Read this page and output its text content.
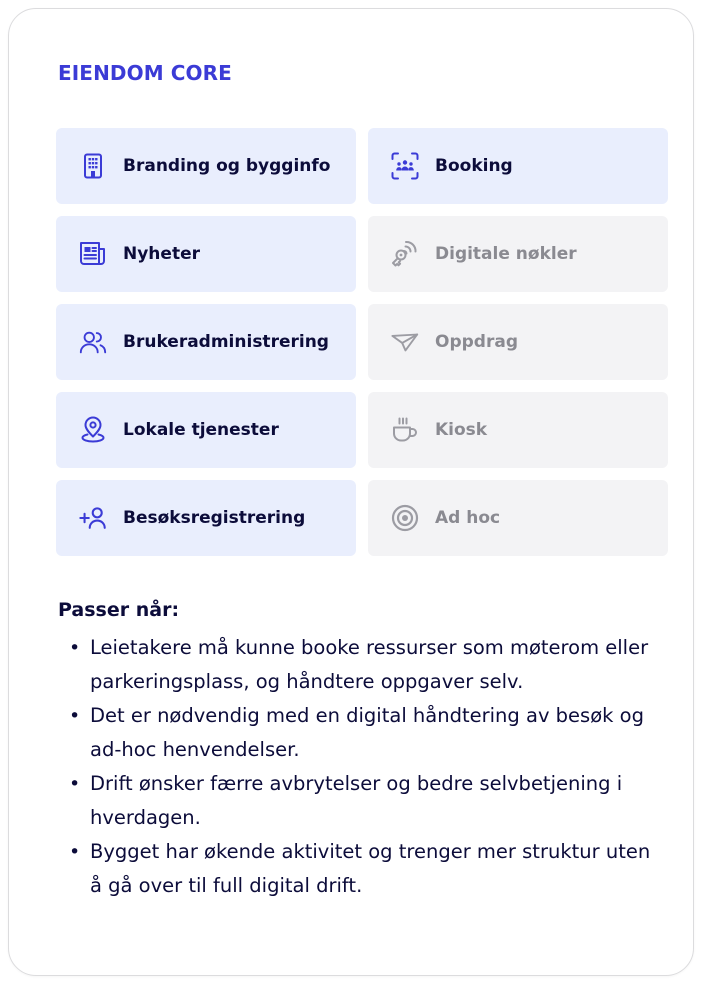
EIENDOM CORE
Branding og bygginfo	Booking
Nyheter	Digitale nøkler
Brukeradministrering	Oppdrag
Lokale tjenester	Kiosk
Besøksregistrering	Ad hoc
Passer når:
• Leietakere må kunne booke ressurser som møterom eller parkeringsplass, og håndtere oppgaver selv.
• Det er nødvendig med en digital håndtering av besøk og ad-hoc henvendelser.
• Drift ønsker færre avbrytelser og bedre selvbetjening i hverdagen.
• Bygget har økende aktivitet og trenger mer struktur uten å gå over til full digital drift.
